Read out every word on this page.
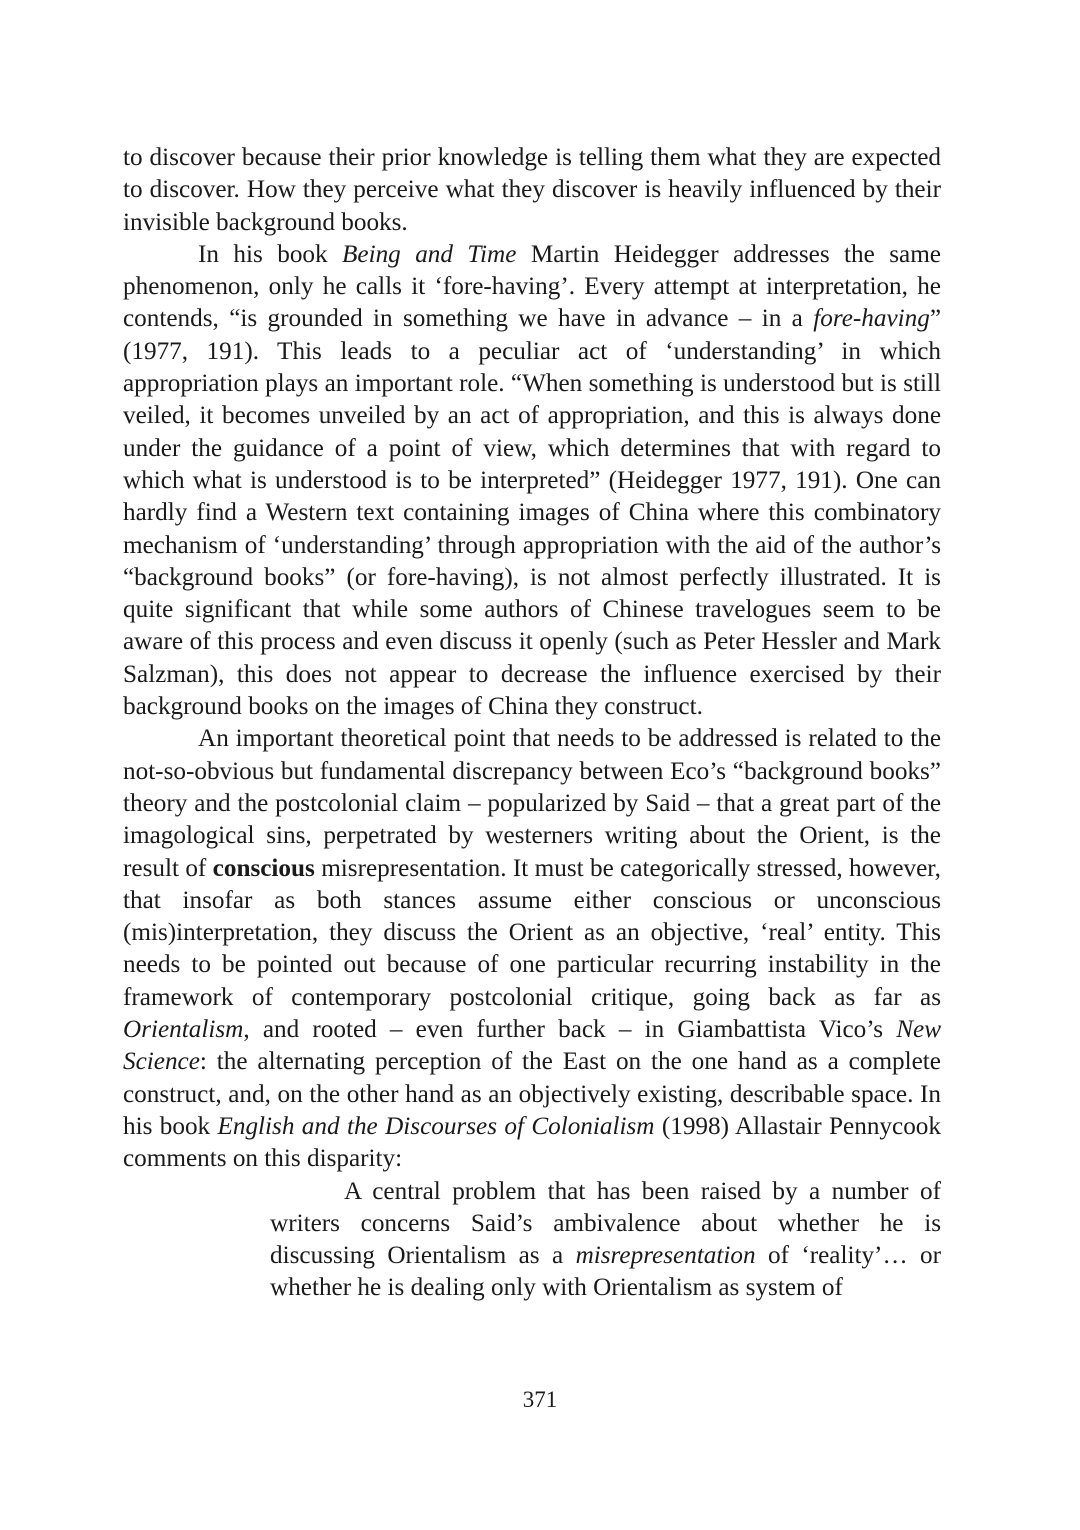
to discover because their prior knowledge is telling them what they are expected to discover. How they perceive what they discover is heavily influenced by their invisible background books.

In his book Being and Time Martin Heidegger addresses the same phenomenon, only he calls it ‘fore-having’. Every attempt at interpretation, he contends, “is grounded in something we have in advance – in a fore-having” (1977, 191). This leads to a peculiar act of ‘understanding’ in which appropriation plays an important role. “When something is understood but is still veiled, it becomes unveiled by an act of appropriation, and this is always done under the guidance of a point of view, which determines that with regard to which what is understood is to be interpreted” (Heidegger 1977, 191). One can hardly find a Western text containing images of China where this combinatory mechanism of ‘understanding’ through appropriation with the aid of the author’s “background books” (or fore-having), is not almost perfectly illustrated. It is quite significant that while some authors of Chinese travelogues seem to be aware of this process and even discuss it openly (such as Peter Hessler and Mark Salzman), this does not appear to decrease the influence exercised by their background books on the images of China they construct.

An important theoretical point that needs to be addressed is related to the not-so-obvious but fundamental discrepancy between Eco’s “background books” theory and the postcolonial claim – popularized by Said – that a great part of the imagological sins, perpetrated by westerners writing about the Orient, is the result of conscious misrepresentation. It must be categorically stressed, however, that insofar as both stances assume either conscious or unconscious (mis)interpretation, they discuss the Orient as an objective, ‘real’ entity. This needs to be pointed out because of one particular recurring instability in the framework of contemporary postcolonial critique, going back as far as Orientalism, and rooted – even further back – in Giambattista Vico’s New Science: the alternating perception of the East on the one hand as a complete construct, and, on the other hand as an objectively existing, describable space. In his book English and the Discourses of Colonialism (1998) Allastair Pennycook comments on this disparity:

A central problem that has been raised by a number of writers concerns Said’s ambivalence about whether he is discussing Orientalism as a misrepresentation of ‘reality’… or whether he is dealing only with Orientalism as system of

371
